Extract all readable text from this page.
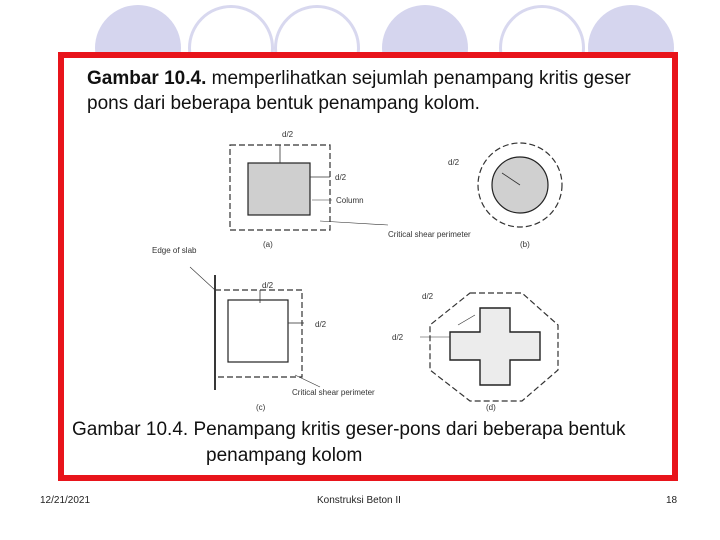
Gambar 10.4. memperlihatkan sejumlah penampang kritis geser pons dari beberapa bentuk penampang kolom.
d/2
d/2
Column
Critical shear perimeter
(a)
d/2
(b)
Edge of slab
d/2
d/2
Critical shear perimeter
(c)
d/2
d/2
(d)
Gambar 10.4. Penampang kritis geser-pons dari beberapa bentuk
penampang kolom
12/21/2021	Konstruksi Beton II	18
